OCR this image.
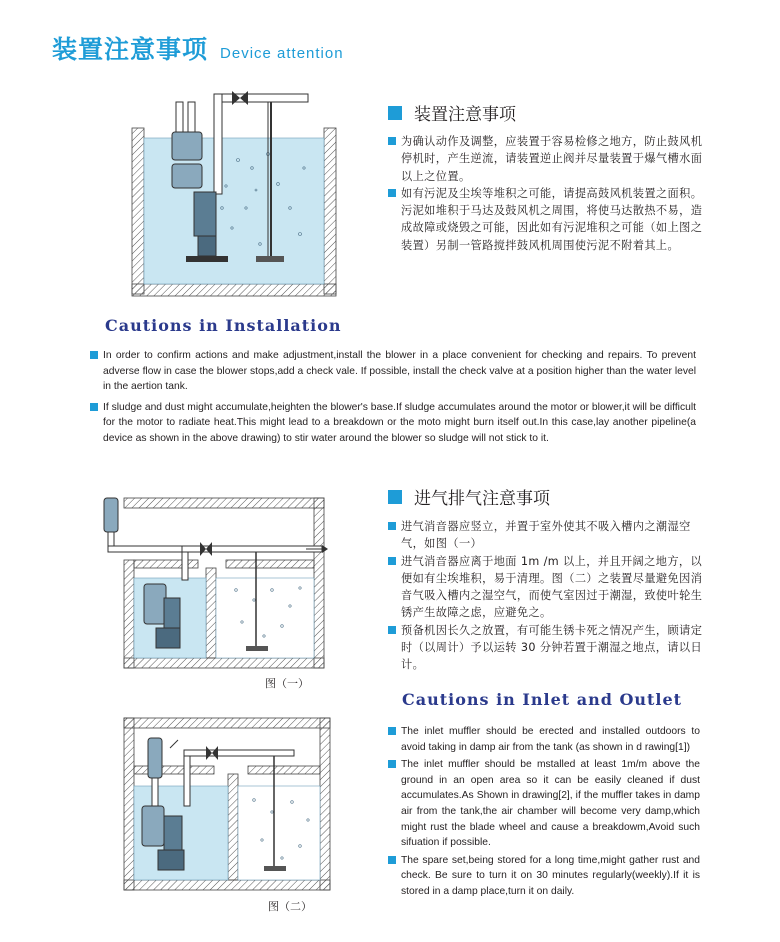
装置注意事项 Device attention
装置注意事项
为确认动作及调整，应装置于容易检修之地方，防止鼓风机停机时，产生逆流，请装置逆止阀并尽量装置于爆气槽水面以上之位置。
如有污泥及尘埃等堆积之可能，请提高鼓风机装置之面积。污泥如堆积于马达及鼓风机之周围，将使马达散热不易，造成故障或烧毁之可能，因此如有污泥堆积之可能（如上图之装置）另制一管路搅拌鼓风机周围使污泥不附着其上。
Cautions in Installation
In order to confirm actions and make adjustment,install the blower in a place convenient for checking and repairs. To prevent adverse flow in case the blower stops,add a check vale. If possible, install the check valve at a position higher than the water level in the aertion tank.
If sludge and dust might accumulate,heighten the blower's base.If sludge accumulates around the motor or blower,it will be difficult for the motor to radiate heat.This might lead to a breakdown or the moto might burn itself out.In this case,lay another pipeline(a device as shown in the above drawing) to stir water around the blower so sludge will not stick to it.
图（一）
图（二）
进气排气注意事项
进气消音器应竖立，并置于室外使其不吸入槽内之潮湿空气，如图（一）
进气消音器应离于地面 1m /m 以上，并且开阔之地方，以便如有尘埃堆积，易于清理。图（二）之装置尽量避免因消音气吸入槽内之湿空气，而使气室因过于潮湿，致使叶轮生锈产生故障之虑，应避免之。
预备机因长久之放置，有可能生锈卡死之情况产生，顾请定时（以周计）予以运转 30 分钟若置于潮湿之地点，请以日计。
Cautions in Inlet and Outlet
The inlet muffler should be erected and installed outdoors to avoid taking in damp air from the tank (as shown in d rawing[1])
The inlet muffler should be mstalled at least 1m/m above the ground in an open area so it can be easily cleaned if dust accumulates.As Shown in drawing[2], if the muffler takes in damp air from the tank,the air chamber will become very damp,which might rust the blade wheel and cause a breakdowm,Avoid such sifuation if possible.
The spare set,being stored for a long time,might gather rust and check. Be sure to turn it on 30 minutes regularly(weekly).If it is stored in a damp place,turn it on daily.
